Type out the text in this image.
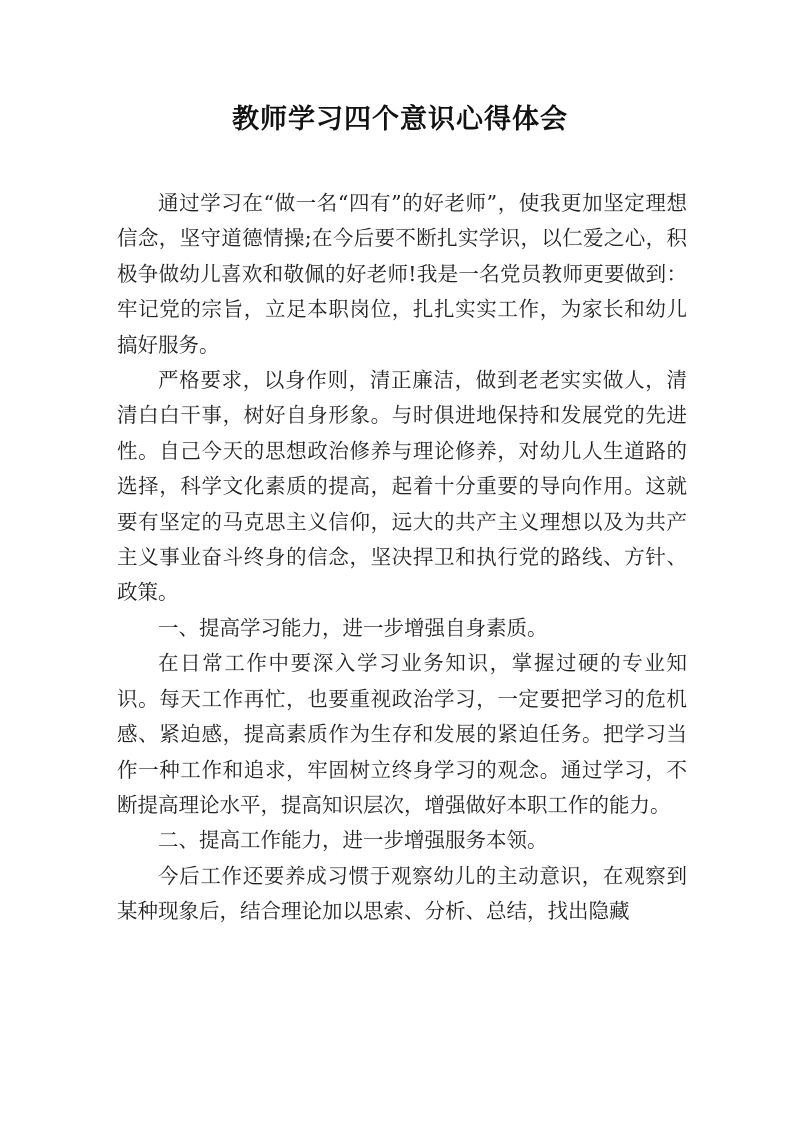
教师学习四个意识心得体会

通过学习在“做一名“四有”的好老师”，使我更加坚定理想信念，坚守道德情操;在今后要不断扎实学识，以仁爱之心，积极争做幼儿喜欢和敬佩的好老师!我是一名党员教师更要做到：牢记党的宗旨，立足本职岗位，扎扎实实工作，为家长和幼儿搞好服务。

严格要求，以身作则，清正廉洁，做到老老实实做人，清清白白干事，树好自身形象。与时俱进地保持和发展党的先进性。自己今天的思想政治修养与理论修养，对幼儿人生道路的选择，科学文化素质的提高，起着十分重要的导向作用。这就要有坚定的马克思主义信仰，远大的共产主义理想以及为共产主义事业奋斗终身的信念，坚决捍卫和执行党的路线、方针、政策。

一、提高学习能力，进一步增强自身素质。

在日常工作中要深入学习业务知识，掌握过硬的专业知识。每天工作再忙，也要重视政治学习，一定要把学习的危机感、紧迫感，提高素质作为生存和发展的紧迫任务。把学习当作一种工作和追求，牢固树立终身学习的观念。通过学习，不断提高理论水平，提高知识层次，增强做好本职工作的能力。

二、提高工作能力，进一步增强服务本领。

今后工作还要养成习惯于观察幼儿的主动意识，在观察到某种现象后，结合理论加以思索、分析、总结，找出隐藏
